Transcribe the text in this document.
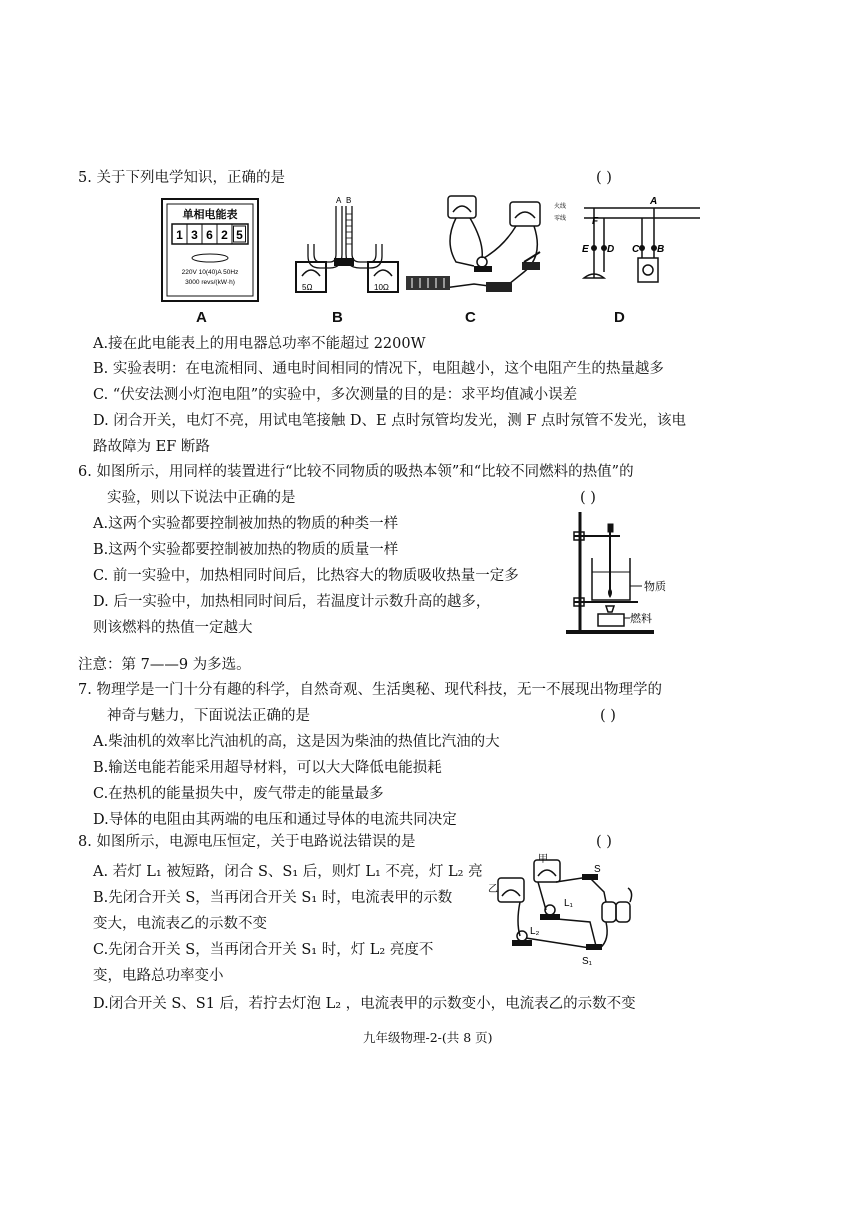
5. 关于下列电学知识，正确的是	( )
单相电能表
1 3 6 2 5
220V 10(40)A 50Hz
3000 revs/(kW·h)
A
A B
5Ω	10Ω
B	C
火线
零线	F
A
E D C B
D
A.接在此电能表上的用电器总功率不能超过 2200W
B. 实验表明：在电流相同、通电时间相同的情况下，电阻越小，这个电阻产生的热量越多
C. “伏安法测小灯泡电阻”的实验中，多次测量的目的是：求平均值减小误差
D. 闭合开关，电灯不亮，用试电笔接触 D、E 点时氖管均发光，测 F 点时氖管不发光，该电
路故障为 EF 断路
6. 如图所示，用同样的装置进行“比较不同物质的吸热本领”和“比较不同燃料的热值”的
实验，则以下说法中正确的是	( )
A.这两个实验都要控制被加热的物质的种类一样
B.这两个实验都要控制被加热的物质的质量一样
C. 前一实验中，加热相同时间后，比热容大的物质吸收热量一定多
D. 后一实验中，加热相同时间后，若温度计示数升高的越多，
则该燃料的热值一定越大
物质
燃料
注意：第 7——9 为多选。
7. 物理学是一门十分有趣的科学，自然奇观、生活奥秘、现代科技，无一不展现出物理学的
神奇与魅力，下面说法正确的是	( )
A.柴油机的效率比汽油机的高，这是因为柴油的热值比汽油的大
B.输送电能若能采用超导材料，可以大大降低电能损耗
C.在热机的能量损失中，废气带走的能量最多
D.导体的电阻由其两端的电压和通过导体的电流共同决定
8. 如图所示，电源电压恒定，关于电路说法错误的是	( )
A. 若灯 L₁ 被短路，闭合 S、S₁ 后，则灯 L₁ 不亮，灯 L₂ 亮
B.先闭合开关 S，当再闭合开关 S₁ 时，电流表甲的示数
变大，电流表乙的示数不变
C.先闭合开关 S，当再闭合开关 S₁ 时，灯 L₂ 亮度不
变，电路总功率变小
D.闭合开关 S、S1 后，若拧去灯泡 L₂ ，电流表甲的示数变小，电流表乙的示数不变
甲
乙
S
L₁
L₂
S₁
九年级物理-2-(共 8 页)
